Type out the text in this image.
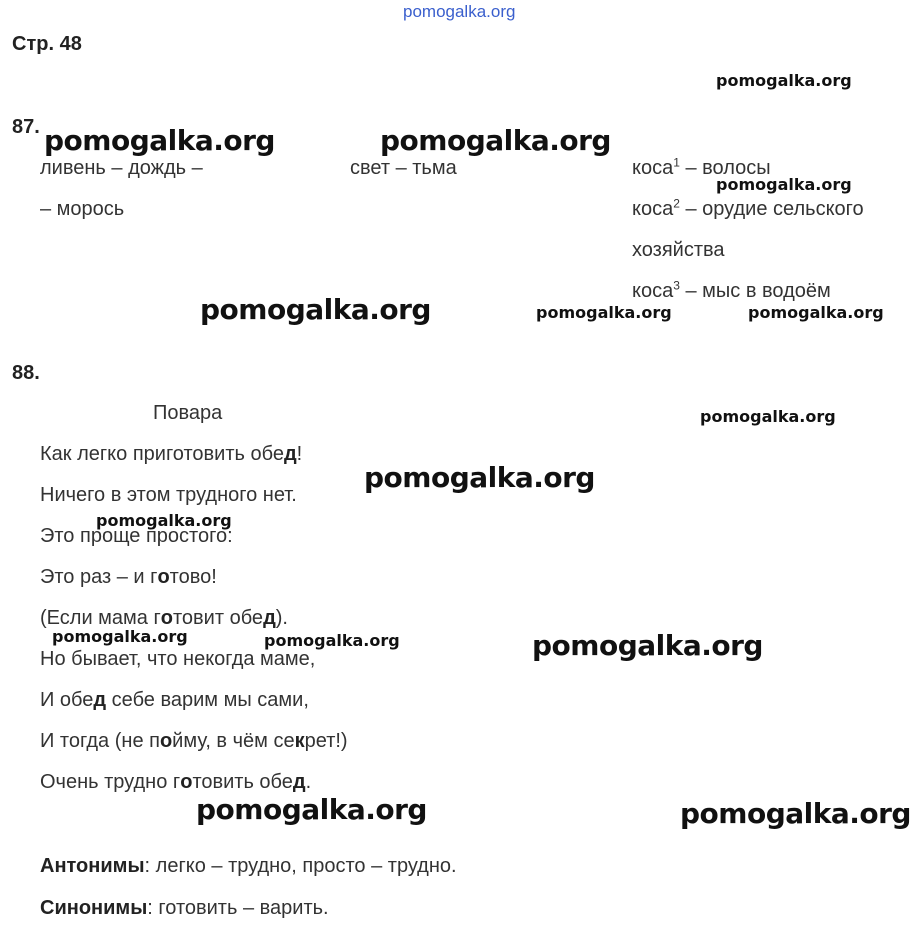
pomogalka.org
Стр. 48
87.
ливень – дождь –
– морось
свет – тьма	коса$^1$ – волосы
коса$^2$ – орудие сельского
хозяйства
коса$^3$ – мыс в водоём
88.
Повара
Как легко приготовить обед!
Ничего в этом трудного нет.
Это проще простого:
Это раз – и готово!
(Если мама готовит обед).
Но бывает, что некогда маме,
И обед себе варим мы сами,
И тогда (не пойму, в чём секрет!)
Очень трудно готовить обед.
Антонимы: легко – трудно, просто – трудно.
Синонимы: готовить – варить.
pomogalka.org
pomogalka.org	pomogalka.org
pomogalka.org
pomogalka.org	pomogalka.org	pomogalka.org
pomogalka.org
pomogalka.org
pomogalka.org
pomogalka.org	pomogalka.org	pomogalka.org
pomogalka.org	pomogalka.org
